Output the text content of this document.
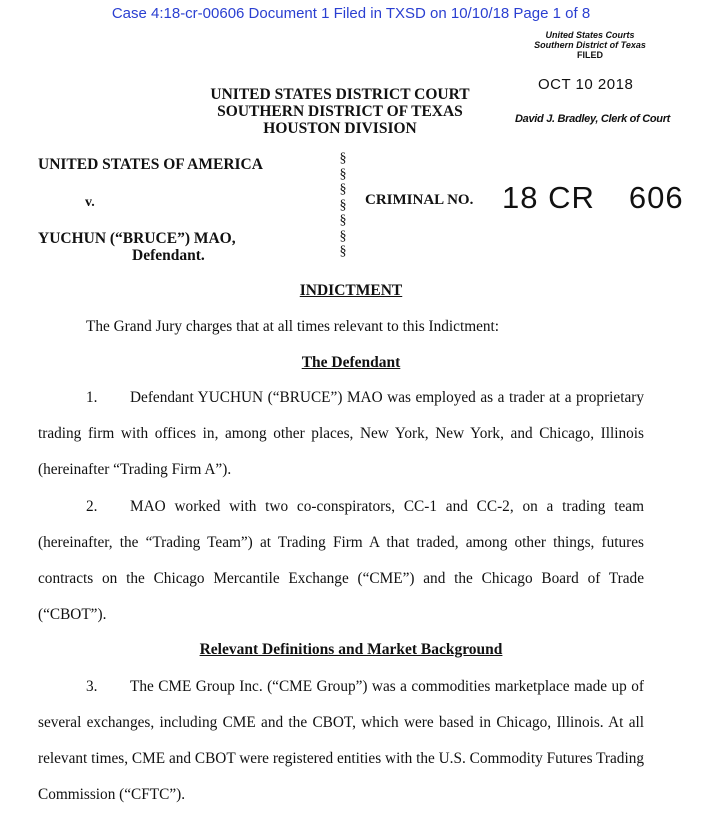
Case 4:18-cr-00606 Document 1 Filed in TXSD on 10/10/18 Page 1 of 8
United States Courts
Southern District of Texas
FILED
OCT 10 2018
David J. Bradley, Clerk of Court
UNITED STATES DISTRICT COURT
SOUTHERN DISTRICT OF TEXAS
HOUSTON DIVISION
UNITED STATES OF AMERICA
v.
YUCHUN (“BRUCE”) MAO,
Defendant.
§
§
§
§
§
§
§
CRIMINAL NO. 18 CR 606
INDICTMENT
The Grand Jury charges that at all times relevant to this Indictment:
The Defendant
1. Defendant YUCHUN (“BRUCE”) MAO was employed as a trader at a proprietary trading firm with offices in, among other places, New York, New York, and Chicago, Illinois (hereinafter “Trading Firm A”).
2. MAO worked with two co-conspirators, CC-1 and CC-2, on a trading team (hereinafter, the “Trading Team”) at Trading Firm A that traded, among other things, futures contracts on the Chicago Mercantile Exchange (“CME”) and the Chicago Board of Trade (“CBOT”).
Relevant Definitions and Market Background
3. The CME Group Inc. (“CME Group”) was a commodities marketplace made up of several exchanges, including CME and the CBOT, which were based in Chicago, Illinois. At all relevant times, CME and CBOT were registered entities with the U.S. Commodity Futures Trading Commission (“CFTC”).
